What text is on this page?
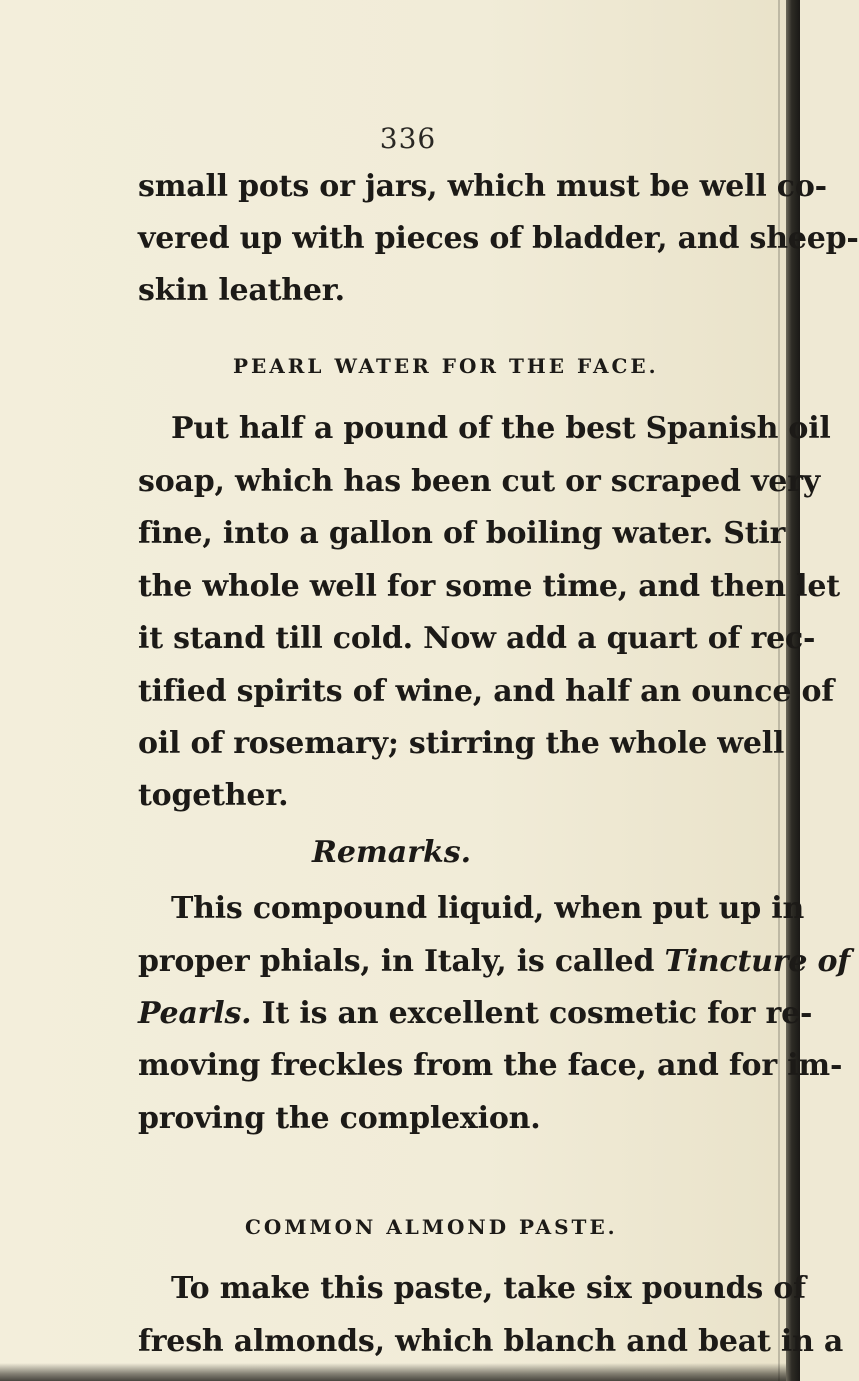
336
small pots or jars, which must be well co-
vered up with pieces of bladder, and sheep-
skin leather.
PEARL WATER FOR THE FACE.
Put half a pound of the best Spanish oil
soap, which has been cut or scraped very
fine, into a gallon of boiling water. Stir
the whole well for some time, and then let
it stand till cold. Now add a quart of rec-
tified spirits of wine, and half an ounce of
oil of rosemary; stirring the whole well
together.
Remarks.
This compound liquid, when put up in
proper phials, in Italy, is called Tincture of
Pearls. It is an excellent cosmetic for re-
moving freckles from the face, and for im-
proving the complexion.
COMMON ALMOND PASTE.
To make this paste, take six pounds of
fresh almonds, which blanch and beat in a
